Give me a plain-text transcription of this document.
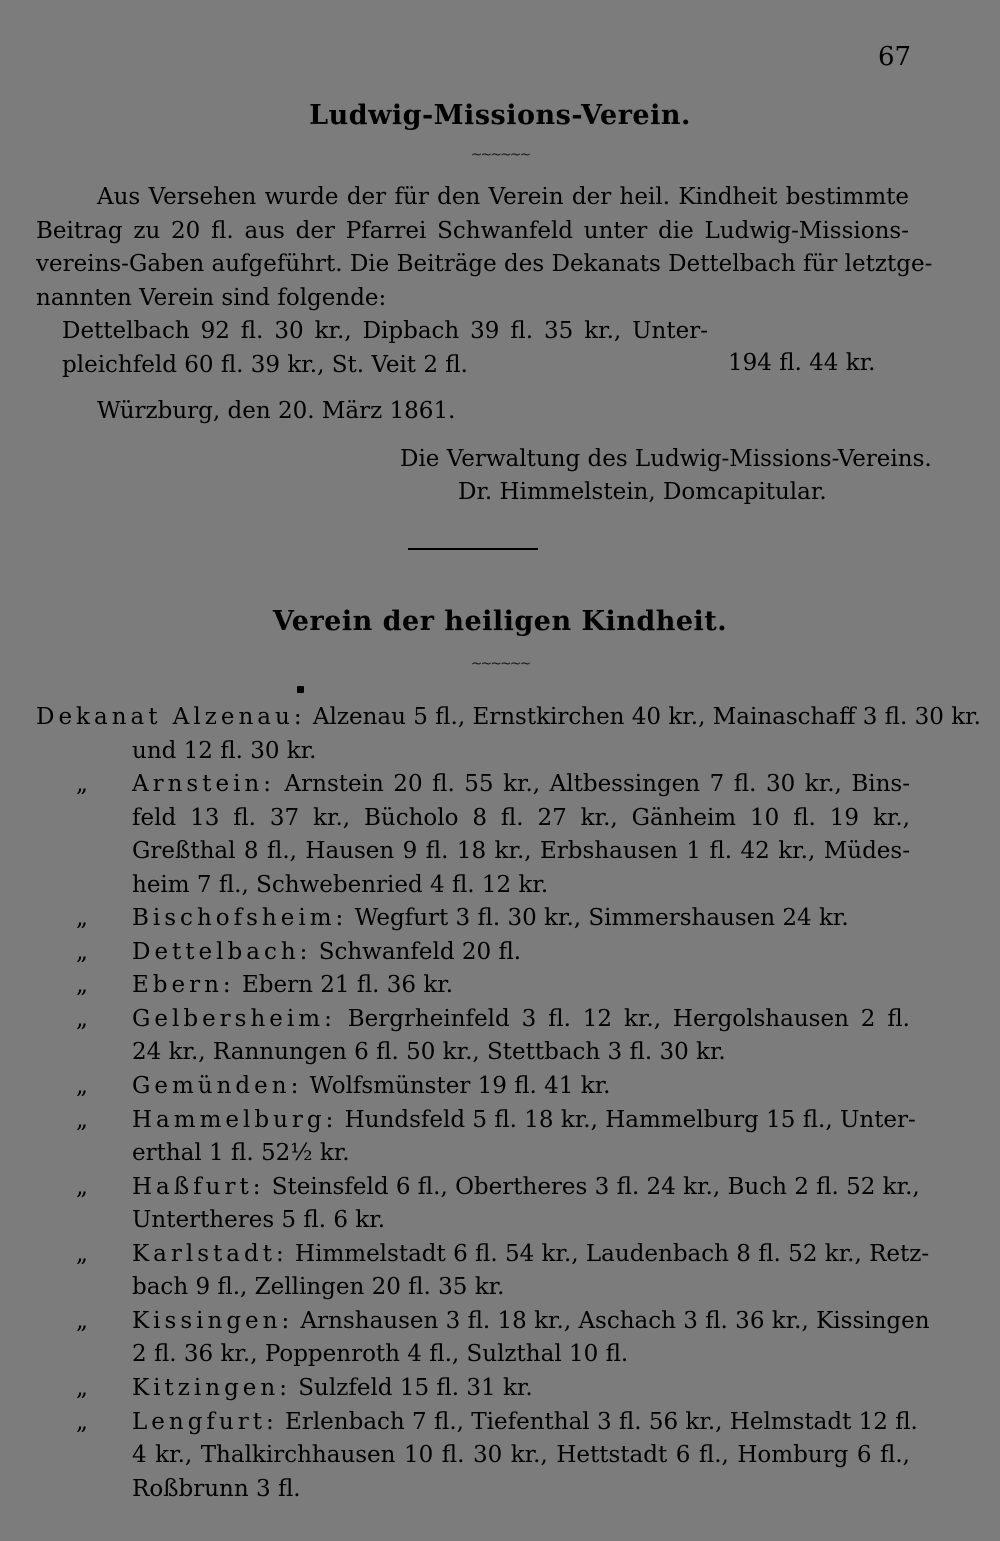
67
Ludwig-Missions-Verein.
~~~~~~
Aus Versehen wurde der für den Verein der heil. Kindheit bestimmte
Beitrag zu 20 fl. aus der Pfarrei Schwanfeld unter die Ludwig-Missions-
vereins-Gaben aufgeführt. Die Beiträge des Dekanats Dettelbach für letztge-
nannten Verein sind folgende:
Dettelbach 92 fl. 30 kr., Dipbach 39 fl. 35 kr., Unter-
pleichfeld 60 fl. 39 kr., St. Veit 2 fl.	194 fl. 44 kr.
Würzburg, den 20. März 1861.
Die Verwaltung des Ludwig-Missions-Vereins.
Dr. Himmelstein, Domcapitular.
Verein der heiligen Kindheit.
~~~~~~
Dekanat Alzenau: Alzenau 5 fl., Ernstkirchen 40 kr., Mainaschaff 3 fl. 30 kr.
und 12 fl. 30 kr.
„ Arnstein: Arnstein 20 fl. 55 kr., Altbessingen 7 fl. 30 kr., Bins-
feld 13 fl. 37 kr., Bücholo 8 fl. 27 kr., Gänheim 10 fl. 19 kr.,
Greßthal 8 fl., Hausen 9 fl. 18 kr., Erbshausen 1 fl. 42 kr., Müdes-
heim 7 fl., Schwebenried 4 fl. 12 kr.
„ Bischofsheim: Wegfurt 3 fl. 30 kr., Simmershausen 24 kr.
„ Dettelbach: Schwanfeld 20 fl.
„ Ebern: Ebern 21 fl. 36 kr.
„ Gelbersheim: Bergrheinfeld 3 fl. 12 kr., Hergolshausen 2 fl.
24 kr., Rannungen 6 fl. 50 kr., Stettbach 3 fl. 30 kr.
„ Gemünden: Wolfsmünster 19 fl. 41 kr.
„ Hammelburg: Hundsfeld 5 fl. 18 kr., Hammelburg 15 fl., Unter-
erthal 1 fl. 52½ kr.
„ Haßfurt: Steinsfeld 6 fl., Obertheres 3 fl. 24 kr., Buch 2 fl. 52 kr.,
Untertheres 5 fl. 6 kr.
„ Karlstadt: Himmelstadt 6 fl. 54 kr., Laudenbach 8 fl. 52 kr., Retz-
bach 9 fl., Zellingen 20 fl. 35 kr.
„ Kissingen: Arnshausen 3 fl. 18 kr., Aschach 3 fl. 36 kr., Kissingen
2 fl. 36 kr., Poppenroth 4 fl., Sulzthal 10 fl.
„ Kitzingen: Sulzfeld 15 fl. 31 kr.
„ Lengfurt: Erlenbach 7 fl., Tiefenthal 3 fl. 56 kr., Helmstadt 12 fl.
4 kr., Thalkirchhausen 10 fl. 30 kr., Hettstadt 6 fl., Homburg 6 fl.,
Roßbrunn 3 fl.
